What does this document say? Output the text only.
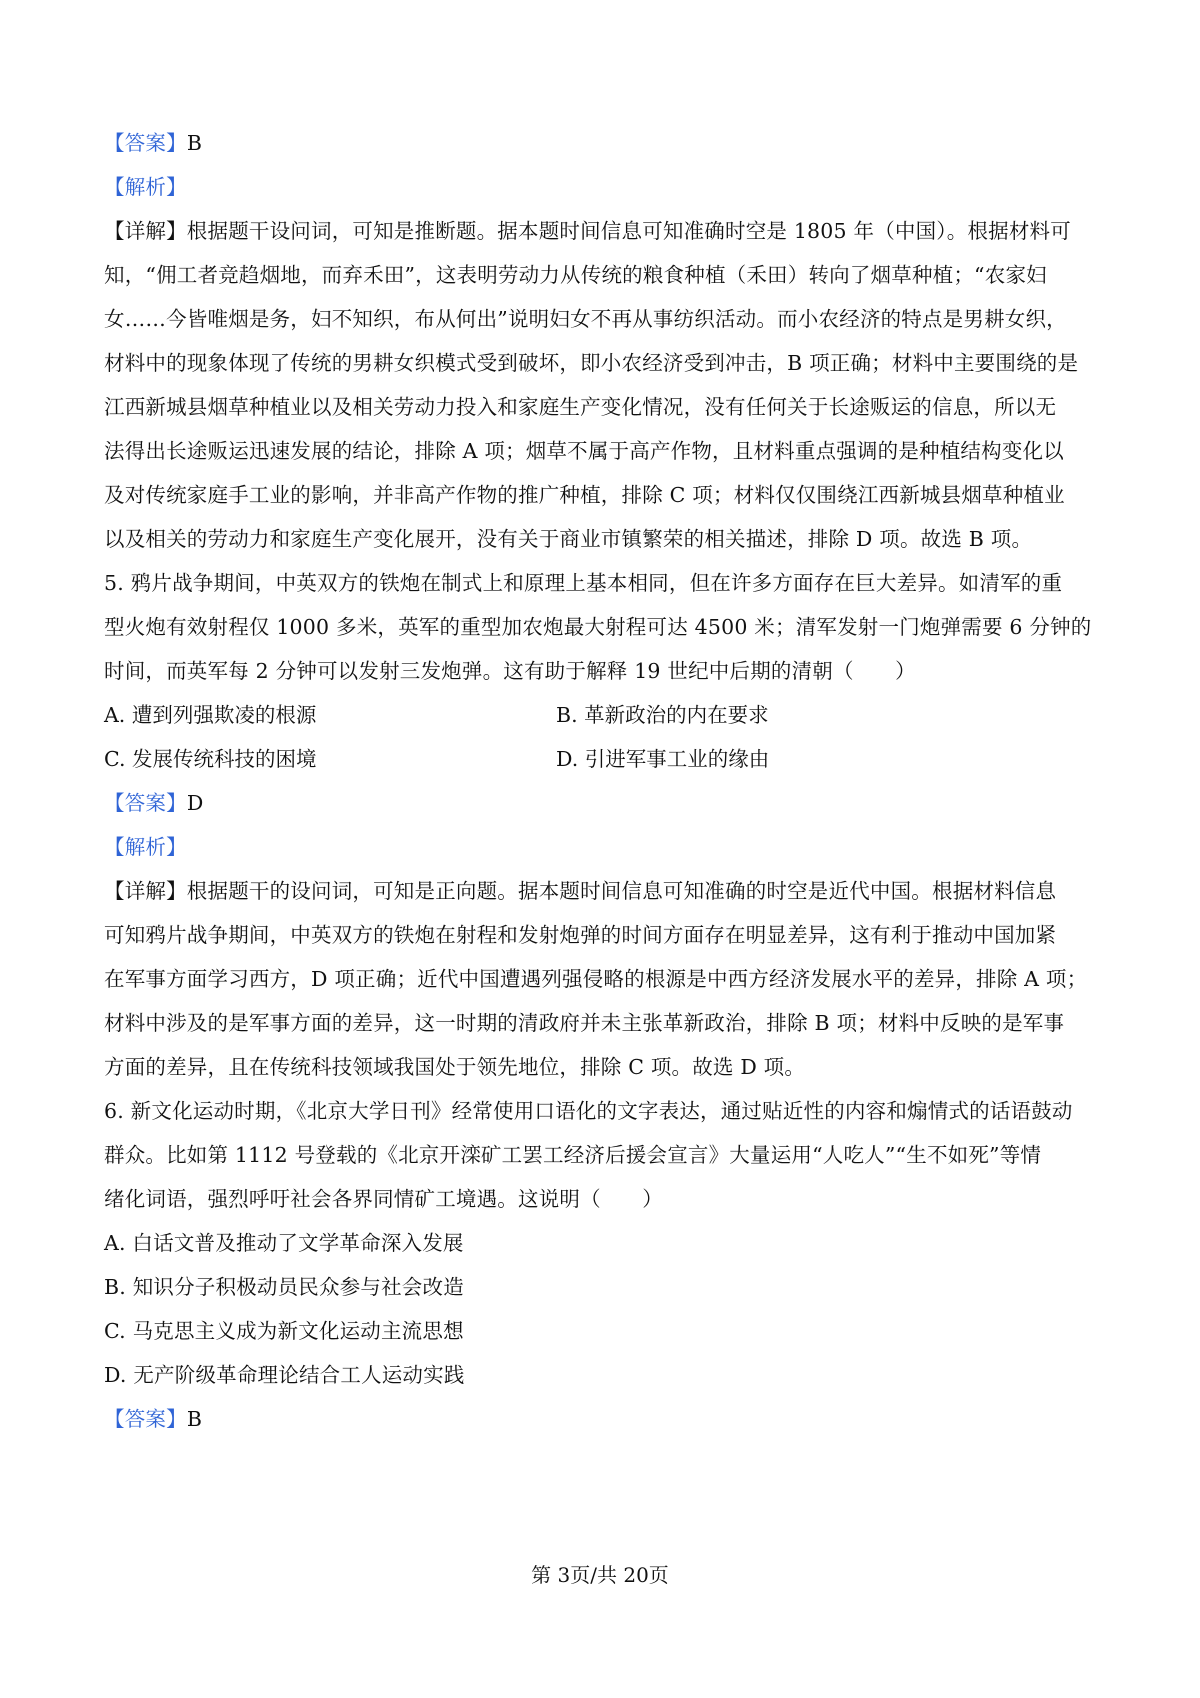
【答案】B
【解析】
【详解】根据题干设问词，可知是推断题。据本题时间信息可知准确时空是 1805 年（中国）。根据材料可
知，“佣工者竞趋烟地，而弃禾田”，这表明劳动力从传统的粮食种植（禾田）转向了烟草种植；“农家妇
女……今皆唯烟是务，妇不知织，布从何出”说明妇女不再从事纺织活动。而小农经济的特点是男耕女织，
材料中的现象体现了传统的男耕女织模式受到破坏，即小农经济受到冲击，B 项正确；材料中主要围绕的是
江西新城县烟草种植业以及相关劳动力投入和家庭生产变化情况，没有任何关于长途贩运的信息，所以无
法得出长途贩运迅速发展的结论，排除 A 项；烟草不属于高产作物，且材料重点强调的是种植结构变化以
及对传统家庭手工业的影响，并非高产作物的推广种植，排除 C 项；材料仅仅围绕江西新城县烟草种植业
以及相关的劳动力和家庭生产变化展开，没有关于商业市镇繁荣的相关描述，排除 D 项。故选 B 项。
5. 鸦片战争期间，中英双方的铁炮在制式上和原理上基本相同，但在许多方面存在巨大差异。如清军的重
型火炮有效射程仅 1000 多米，英军的重型加农炮最大射程可达 4500 米；清军发射一门炮弹需要 6 分钟的
时间，而英军每 2 分钟可以发射三发炮弹。这有助于解释 19 世纪中后期的清朝（　　）
A. 遭到列强欺凌的根源	B. 革新政治的内在要求
C. 发展传统科技的困境	D. 引进军事工业的缘由
【答案】D
【解析】
【详解】根据题干的设问词，可知是正向题。据本题时间信息可知准确的时空是近代中国。根据材料信息
可知鸦片战争期间，中英双方的铁炮在射程和发射炮弹的时间方面存在明显差异，这有利于推动中国加紧
在军事方面学习西方，D 项正确；近代中国遭遇列强侵略的根源是中西方经济发展水平的差异，排除 A 项；
材料中涉及的是军事方面的差异，这一时期的清政府并未主张革新政治，排除 B 项；材料中反映的是军事
方面的差异，且在传统科技领域我国处于领先地位，排除 C 项。故选 D 项。
6. 新文化运动时期，《北京大学日刊》经常使用口语化的文字表达，通过贴近性的内容和煽情式的话语鼓动
群众。比如第 1112 号登载的《北京开滦矿工罢工经济后援会宣言》大量运用“人吃人”“生不如死”等情
绪化词语，强烈呼吁社会各界同情矿工境遇。这说明（　　）
A. 白话文普及推动了文学革命深入发展
B. 知识分子积极动员民众参与社会改造
C. 马克思主义成为新文化运动主流思想
D. 无产阶级革命理论结合工人运动实践
【答案】B
第 3页/共 20页
